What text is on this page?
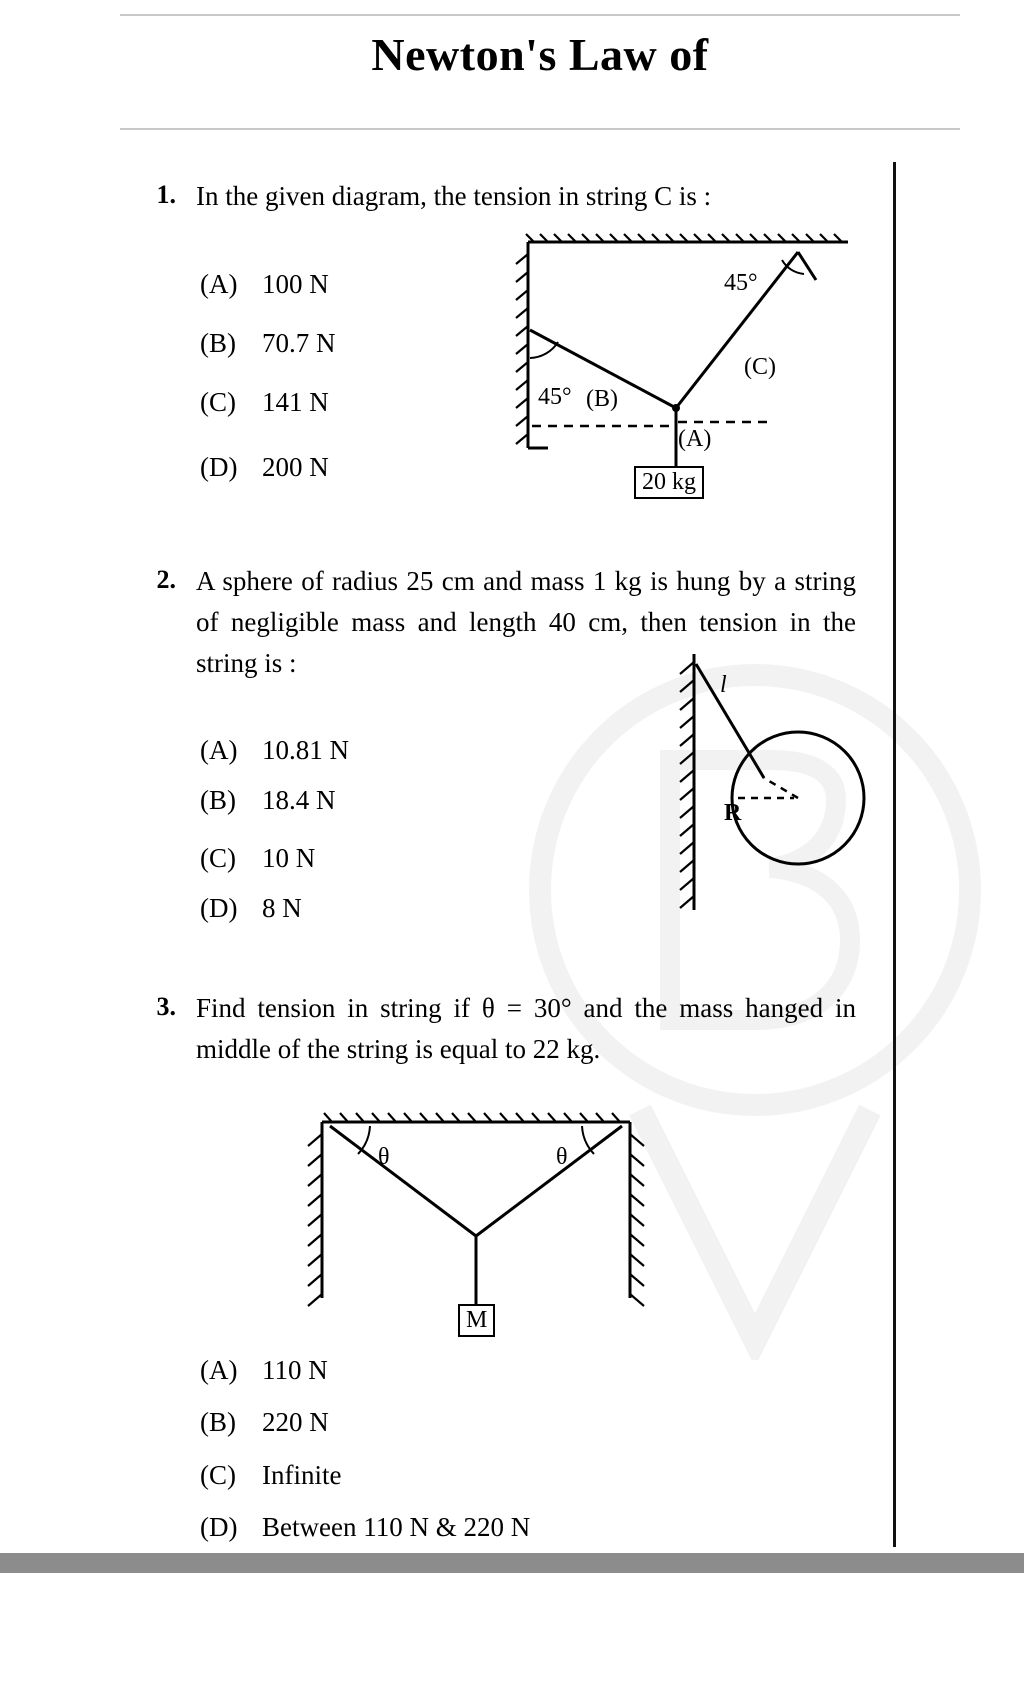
Newton's Law of
1. In the given diagram, the tension in string C is :
(A) 100 N
(B) 70.7 N
(C) 141 N
(D) 200 N
45°
45° (B)
(C)
(A)
20 kg
2. A sphere of radius 25 cm and mass 1 kg is hung by a string of negligible mass and length 40 cm, then tension in the string is :
(A) 10.81 N
(B) 18.4 N
(C) 10 N
(D) 8 N
l
R
3. Find tension in string if θ = 30° and the mass hanged in middle of the string is equal to 22 kg.
θ	θ
M
(A) 110 N
(B) 220 N
(C) Infinite
(D) Between 110 N & 220 N
